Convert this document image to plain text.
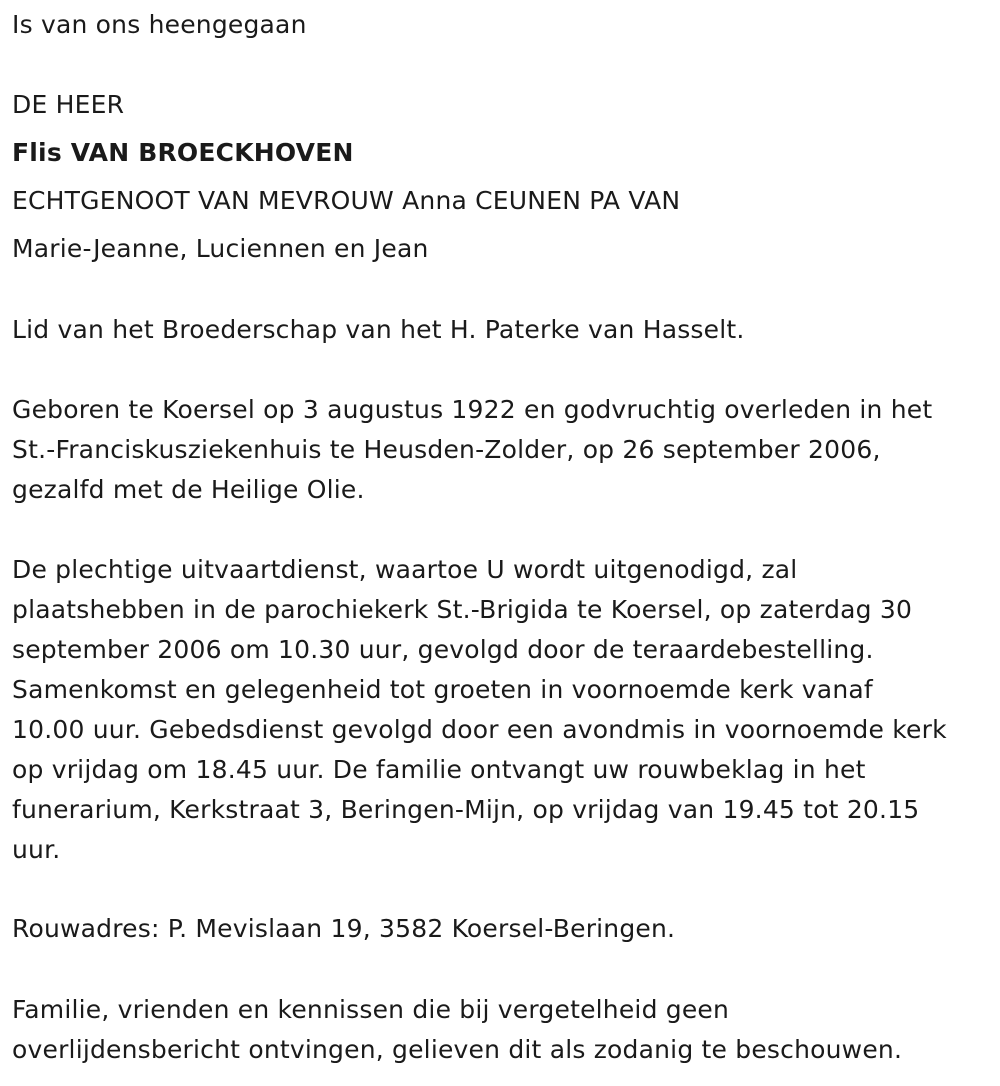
Is van ons heengegaan
DE HEER
Flis VAN BROECKHOVEN
ECHTGENOOT VAN MEVROUW Anna CEUNEN PA VAN
Marie-Jeanne, Luciennen en Jean
Lid van het Broederschap van het H. Paterke van Hasselt.
Geboren te Koersel op 3 augustus 1922 en godvruchtig overleden in het
St.-Franciskusziekenhuis te Heusden-Zolder, op 26 september 2006,
gezalfd met de Heilige Olie.
De plechtige uitvaartdienst, waartoe U wordt uitgenodigd, zal
plaatshebben in de parochiekerk St.-Brigida te Koersel, op zaterdag 30
september 2006 om 10.30 uur, gevolgd door de teraardebestelling.
Samenkomst en gelegenheid tot groeten in voornoemde kerk vanaf
10.00 uur. Gebedsdienst gevolgd door een avondmis in voornoemde kerk
op vrijdag om 18.45 uur. De familie ontvangt uw rouwbeklag in het
funerarium, Kerkstraat 3, Beringen-Mijn, op vrijdag van 19.45 tot 20.15
uur.
Rouwadres: P. Mevislaan 19, 3582 Koersel-Beringen.
Familie, vrienden en kennissen die bij vergetelheid geen
overlijdensbericht ontvingen, gelieven dit als zodanig te beschouwen.
